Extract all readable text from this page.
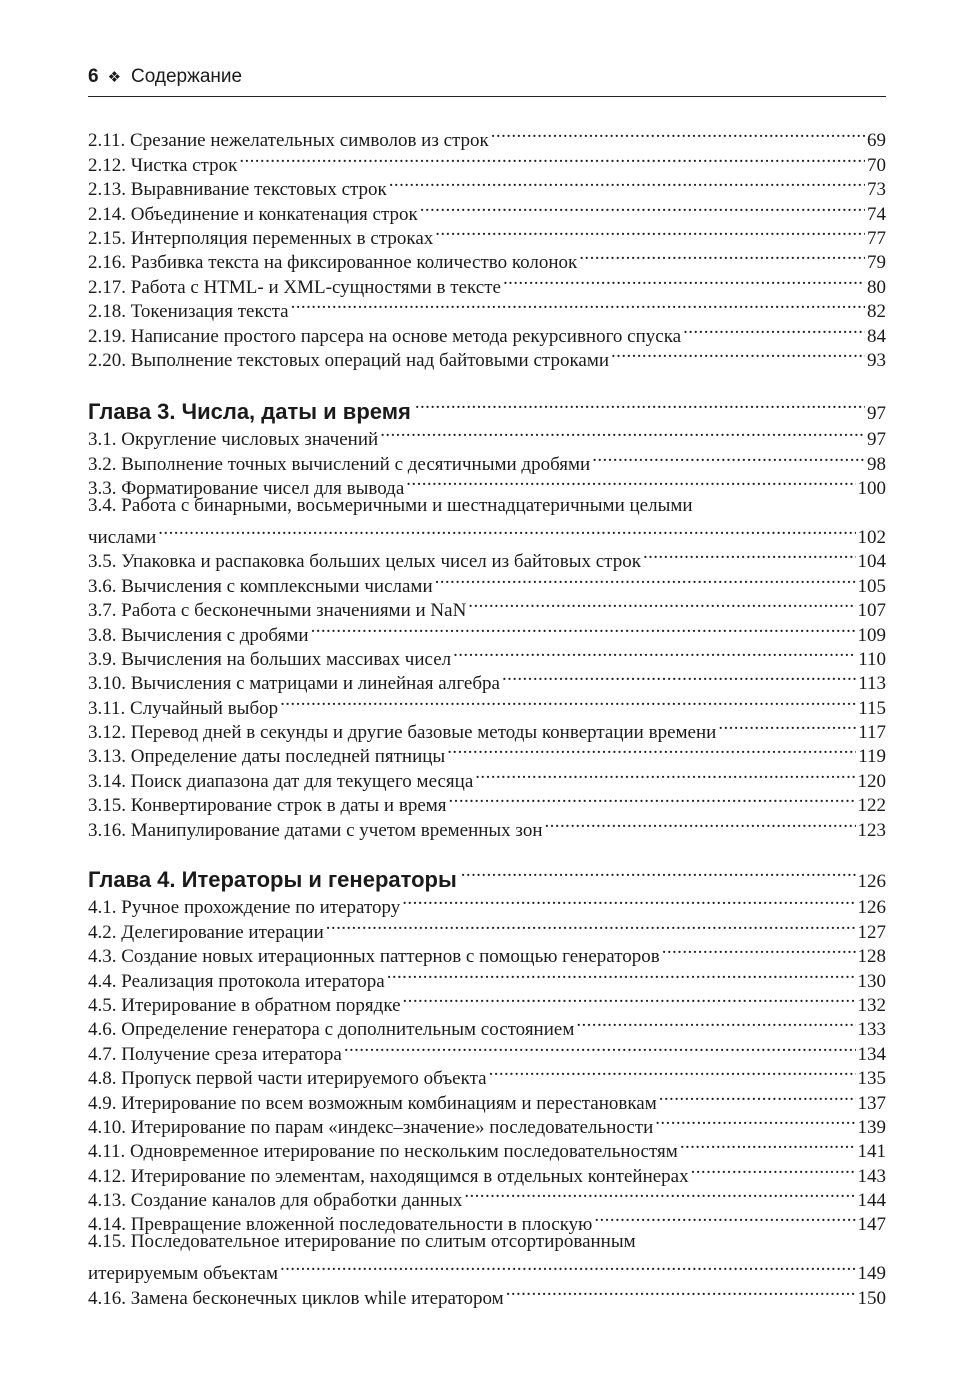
6 ❖ Содержание
2.11. Срезание нежелательных символов из строк .....	69
2.12. Чистка строк .....	70
2.13. Выравнивание текстовых строк .....	73
2.14. Объединение и конкатенация строк .....	74
2.15. Интерполяция переменных в строках .....	77
2.16. Разбивка текста на фиксированное количество колонок .....	79
2.17. Работа с HTML- и XML-сущностями в тексте .....	80
2.18. Токенизация текста .....	82
2.19. Написание простого парсера на основе метода рекурсивного спуска .....	84
2.20. Выполнение текстовых операций над байтовыми строками .....	93
Глава 3. Числа, даты и время .....	97
3.1. Округление числовых значений .....	97
3.2. Выполнение точных вычислений с десятичными дробями .....	98
3.3. Форматирование чисел для вывода .....	100
3.4. Работа с бинарными, восьмеричными и шестнадцатеричными целыми
числами .....	102
3.5. Упаковка и распаковка больших целых чисел из байтовых строк .....	104
3.6. Вычисления с комплексными числами .....	105
3.7. Работа с бесконечными значениями и NaN .....	107
3.8. Вычисления с дробями .....	109
3.9. Вычисления на больших массивах чисел .....	110
3.10. Вычисления с матрицами и линейная алгебра .....	113
3.11. Случайный выбор .....	115
3.12. Перевод дней в секунды и другие базовые методы конвертации времени .....	117
3.13. Определение даты последней пятницы .....	119
3.14. Поиск диапазона дат для текущего месяца .....	120
3.15. Конвертирование строк в даты и время .....	122
3.16. Манипулирование датами с учетом временных зон .....	123
Глава 4. Итераторы и генераторы .....	126
4.1. Ручное прохождение по итератору .....	126
4.2. Делегирование итерации .....	127
4.3. Создание новых итерационных паттернов с помощью генераторов .....	128
4.4. Реализация протокола итератора .....	130
4.5. Итерирование в обратном порядке .....	132
4.6. Определение генератора с дополнительным состоянием .....	133
4.7. Получение среза итератора .....	134
4.8. Пропуск первой части итерируемого объекта .....	135
4.9. Итерирование по всем возможным комбинациям и перестановкам .....	137
4.10. Итерирование по парам «индекс–значение» последовательности .....	139
4.11. Одновременное итерирование по нескольким последовательностям .....	141
4.12. Итерирование по элементам, находящимся в отдельных контейнерах .....	143
4.13. Создание каналов для обработки данных .....	144
4.14. Превращение вложенной последовательности в плоскую .....	147
4.15. Последовательное итерирование по слитым отсортированным
итерируемым объектам .....	149
4.16. Замена бесконечных циклов while итератором .....	150
